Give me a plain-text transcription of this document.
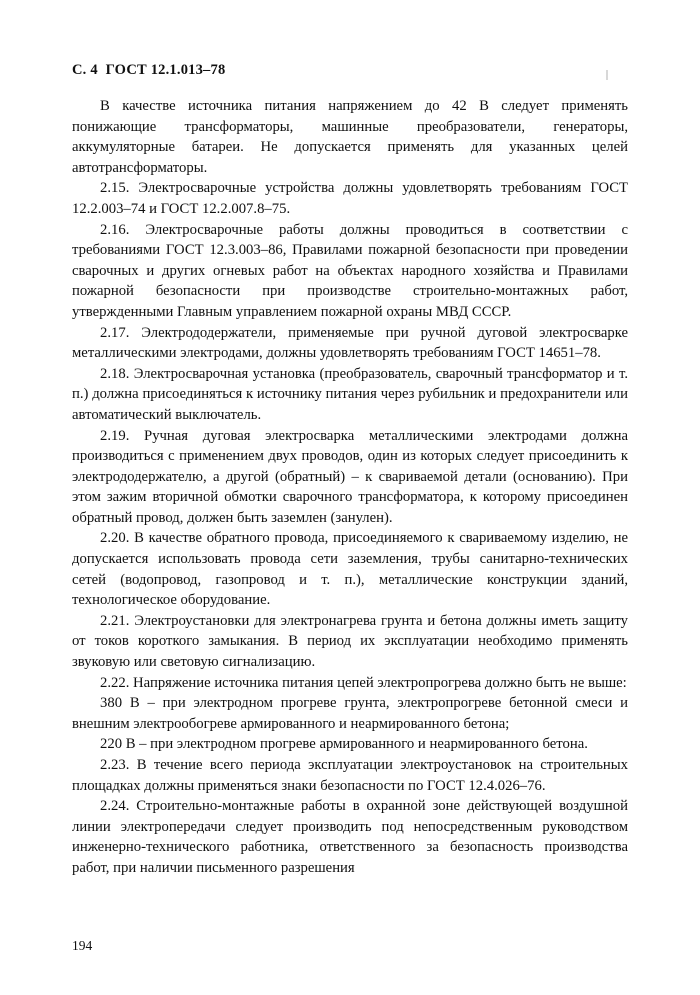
С. 4 ГОСТ 12.1.013–78

В качестве источника питания напряжением до 42 В следует применять понижающие трансформаторы, машинные преобразователи, генераторы, аккумуляторные батареи. Не допускается применять для указанных целей автотрансформаторы.

2.15. Электросварочные устройства должны удовлетворять требованиям ГОСТ 12.2.003–74 и ГОСТ 12.2.007.8–75.

2.16. Электросварочные работы должны проводиться в соответствии с требованиями ГОСТ 12.3.003–86, Правилами пожарной безопасности при проведении сварочных и других огневых работ на объектах народного хозяйства и Правилами пожарной безопасности при производстве строительно-монтажных работ, утвержденными Главным управлением пожарной охраны МВД СССР.

2.17. Электрододержатели, применяемые при ручной дуговой электросварке металлическими электродами, должны удовлетворять требованиям ГОСТ 14651–78.

2.18. Электросварочная установка (преобразователь, сварочный трансформатор и т. п.) должна присоединяться к источнику питания через рубильник и предохранители или автоматический выключатель.

2.19. Ручная дуговая электросварка металлическими электродами должна производиться с применением двух проводов, один из которых следует присоединить к электрододержателю, а другой (обратный) – к свариваемой детали (основанию). При этом зажим вторичной обмотки сварочного трансформатора, к которому присоединен обратный провод, должен быть заземлен (занулен).

2.20. В качестве обратного провода, присоединяемого к свариваемому изделию, не допускается использовать провода сети заземления, трубы санитарно-технических сетей (водопровод, газопровод и т. п.), металлические конструкции зданий, технологическое оборудование.

2.21. Электроустановки для электронагрева грунта и бетона должны иметь защиту от токов короткого замыкания. В период их эксплуатации необходимо применять звуковую или световую сигнализацию.

2.22. Напряжение источника питания цепей электропрогрева должно быть не выше:

380 В – при электродном прогреве грунта, электропрогреве бетонной смеси и внешним электрообогреве армированного и неармированного бетона;

220 В – при электродном прогреве армированного и неармированного бетона.

2.23. В течение всего периода эксплуатации электроустановок на строительных площадках должны применяться знаки безопасности по ГОСТ 12.4.026–76.

2.24. Строительно-монтажные работы в охранной зоне действующей воздушной линии электропередачи следует производить под непосредственным руководством инженерно-технического работника, ответственного за безопасность производства работ, при наличии письменного разрешения

194
